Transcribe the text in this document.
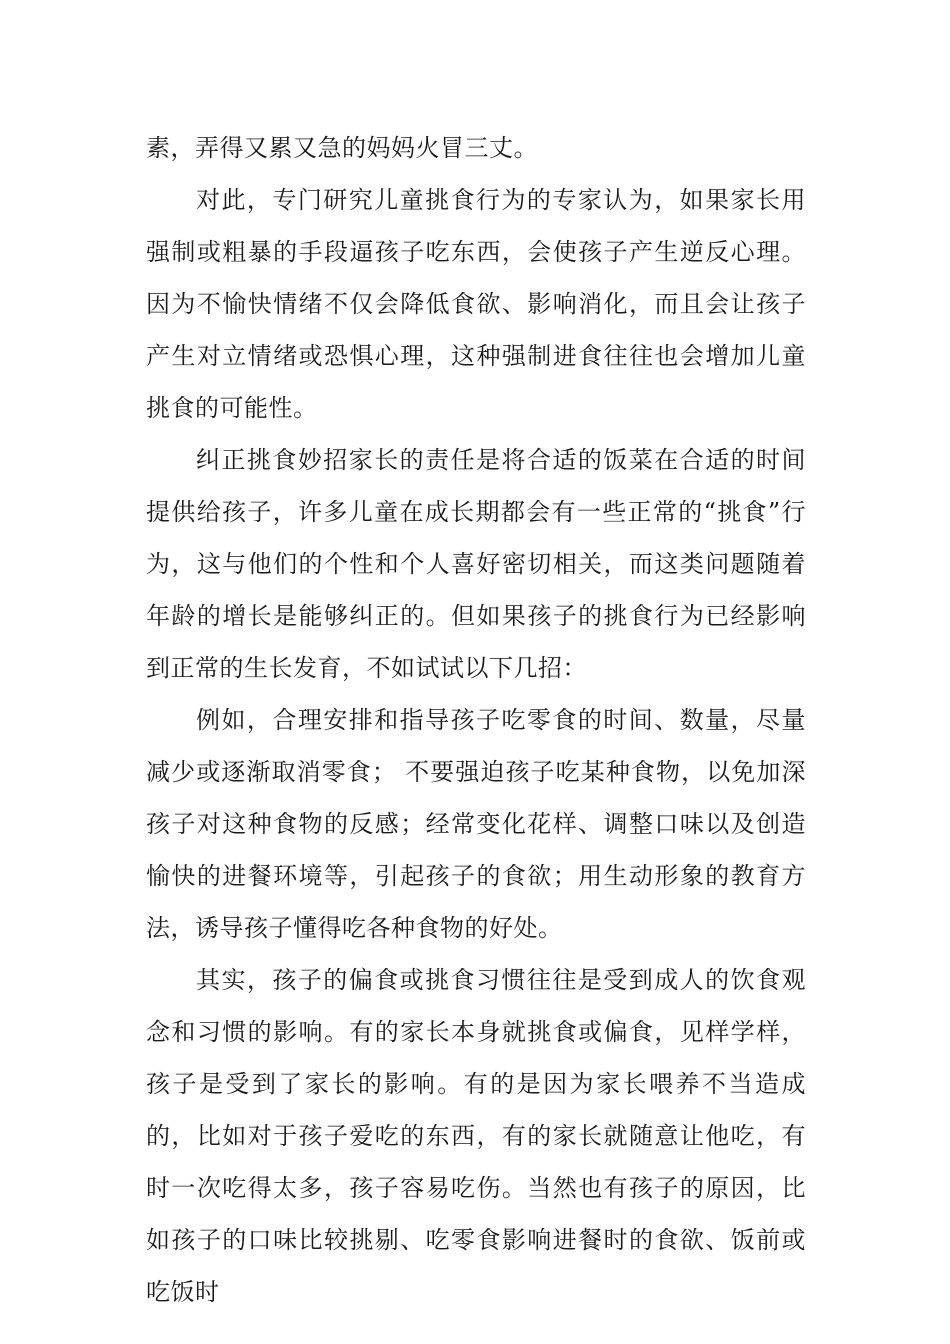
素，弄得又累又急的妈妈火冒三丈。

对此，专门研究儿童挑食行为的专家认为，如果家长用强制或粗暴的手段逼孩子吃东西，会使孩子产生逆反心理。因为不愉快情绪不仅会降低食欲、影响消化，而且会让孩子产生对立情绪或恐惧心理，这种强制进食往往也会增加儿童挑食的可能性。

纠正挑食妙招家长的责任是将合适的饭菜在合适的时间提供给孩子，许多儿童在成长期都会有一些正常的“挑食”行为，这与他们的个性和个人喜好密切相关，而这类问题随着年龄的增长是能够纠正的。但如果孩子的挑食行为已经影响到正常的生长发育，不如试试以下几招：

例如，合理安排和指导孩子吃零食的时间、数量，尽量减少或逐渐取消零食； 不要强迫孩子吃某种食物，以免加深孩子对这种食物的反感；经常变化花样、调整口味以及创造愉快的进餐环境等，引起孩子的食欲；用生动形象的教育方法，诱导孩子懂得吃各种食物的好处。

其实，孩子的偏食或挑食习惯往往是受到成人的饮食观念和习惯的影响。有的家长本身就挑食或偏食，见样学样，孩子是受到了家长的影响。有的是因为家长喂养不当造成的，比如对于孩子爱吃的东西，有的家长就随意让他吃，有时一次吃得太多，孩子容易吃伤。当然也有孩子的原因，比如孩子的口味比较挑剔、吃零食影响进餐时的食欲、饭前或吃饭时
